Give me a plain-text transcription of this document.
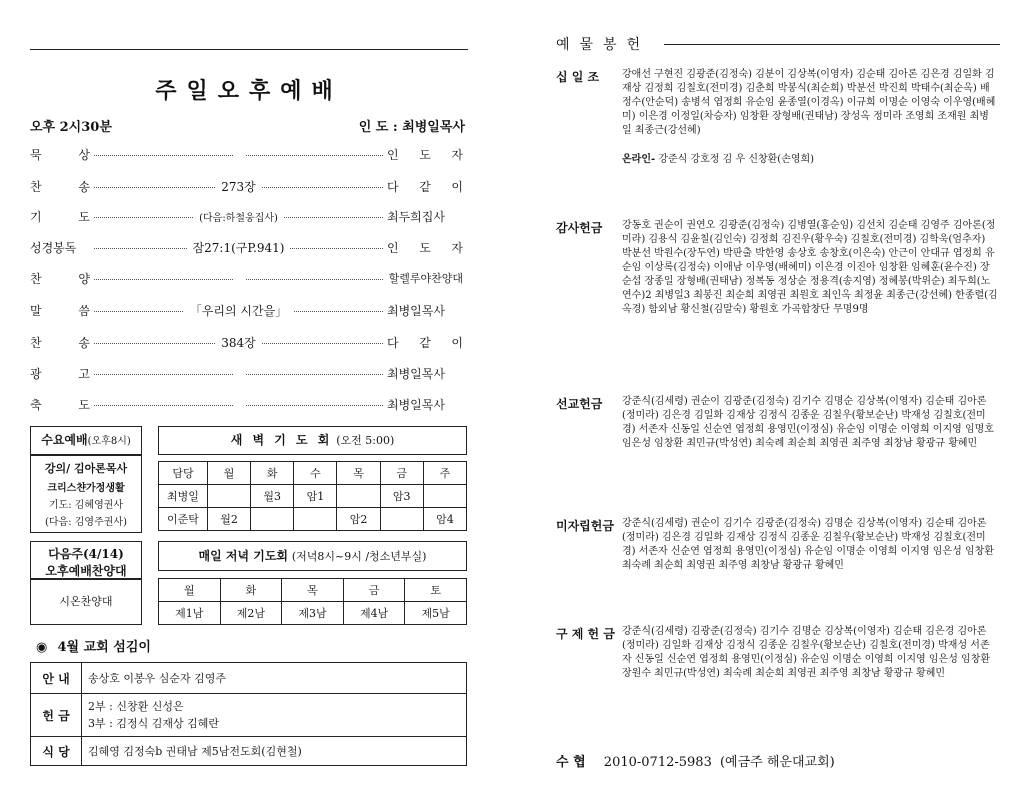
주일오후예배
오후 2시30분	인 도 : 최병일목사
묵 상	인 도 자
찬 송	273장	다 같 이
기 도	(다음:하철웅집사)	최두희집사
성경봉독	잠27:1(구P.941)	인 도 자
찬 양	할렐루야찬양대
말 씀	「우리의 시간을」	최병일목사
찬 송	384장	다 같 이
광 고	최병일목사
축 도	최병일목사
수요예배(오후8시)
강의/ 김아론목사
크리스챤가정생활
기도: 김혜영권사
(다음: 김영주권사)
새 벽 기 도 회 (오전 5:00)
담당	월	화	수	목	금	주
최병일		월3	암1		암3	
이준탁	월2			암2		암4
다음주(4/14)
오후예배찬양대
시온찬양대
매일 저녁 기도회 (저녁8시~9시 /청소년부실)
월	화	목	금	토
제1남	제2남	제3남	제4남	제5남
◉ 4월 교회 섬김이
안 내	송상호 이봉우 심순자 김영주
헌 금	2부 : 신창환 신성은
3부 : 김정식 김재상 김혜란

식 당	김혜영 김정숙b 권태남 제5남전도회(김현철)
예물봉헌
십 일 조 강애선 구현진 김광준(김정숙) 김분이 김상복(이영자) 김순태 김아론 김은경 김일화 김재상 김정희 김칠호(전미경) 김춘희 박봉식(최순희) 박분선 박진희 박태수(최순옥) 배정수(안순덕) 송병석 엽정희 유순임 윤종열(이경옥) 이규희 이명순 이영숙 이우영(배혜미) 이은경 이정일(차승자) 임창환 장형배(권태남) 장성옥 정미라 조영희 조재원 최병일 최종근(강선혜)
온라인- 강준식 강호정 김 우 신창환(손영희)
감사헌금 강동호 권순이 권연오 김광준(김정숙) 김병열(홍순임) 김선치 김순태 김영주 김아론(정미라) 김용식 김윤칠(김인숙) 김정희 김진우(황우숙) 김칠호(전미경) 김학욱(엄추자) 박분선 박원수(장두연) 박판출 박한영 송상호 송창호(이은숙) 안근이 안대규 엽정희 유순임 이상록(김정숙) 이애남 이우영(배혜미) 이은경 이진아 임창환 임혜훈(윤수진) 장순섭 장종일 장형배(권태남) 정복동 정상순 정용격(송지영) 정혜봉(박위순) 최두희(노연수)2 최병일3 최봉진 최순희 최영권 최원호 최인옥 최정윤 최종근(강선혜) 한종렬(김옥경) 함외남 황신철(김말숙) 황원호 가곡합창단 무명9명
선교헌금 강준식(김세령) 권순이 김광준(김정숙) 김기수 김명순 김상복(이영자) 김순태 김아론(정미라) 김은경 김일화 김재상 김정식 김종운 김칠우(황보순난) 박재성 김칠호(전미경) 서존자 신동일 신순연 엽정희 용영민(이정심) 유순임 이명순 이영희 이지영 임명호 임은성 임창환 최민규(박성연) 최숙례 최순희 최영권 최주영 최창남 황광규 황혜민
미자립헌금 강준식(김세령) 권순이 김기수 김광준(김정숙) 김명순 김상복(이영자) 김순태 김아론(정미라) 김은경 김일화 김재상 김정식 김종운 김칠우(황보순난) 박재성 김칠호(전미경) 서존자 신순연 엽정희 용영민(이정심) 유순임 이명순 이영희 이지영 임은성 임창환 최숙례 최순희 최영권 최주영 최창남 황광규 황혜민
구 제 헌 금 강준식(김세령) 김광준(김정숙) 김기수 김명순 김상복(이영자) 김순태 김은경 김아론(정미라) 김일화 김재상 김정식 김종운 김칠우(황보순난) 김칠호(전미경) 박재성 서존자 신동일 신순연 엽정희 용영민(이정심) 유순임 이명순 이영희 이지영 임은성 임창환 장원수 최민규(박성연) 최숙례 최순희 최영권 최주영 최창남 황광규 황혜민
수 협 2010-0712-5983 (예금주 해운대교회)
